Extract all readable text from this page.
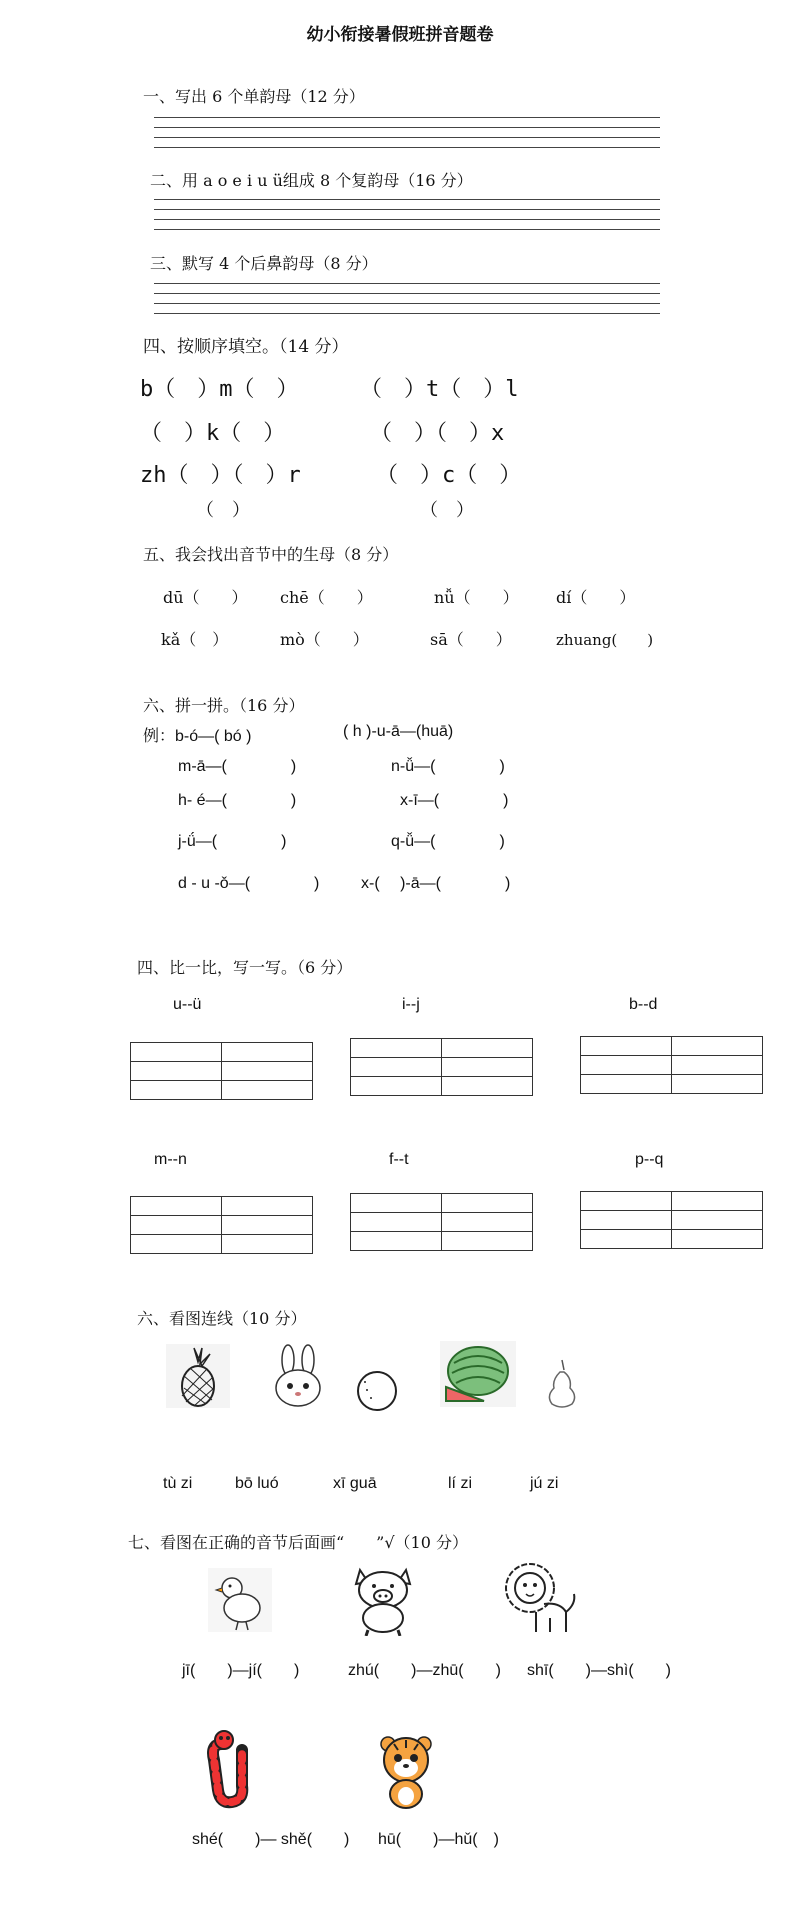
幼小衔接暑假班拼音题卷
一、写出 6 个单韵母（12 分）
二、用 a o e i u ü组成 8 个复韵母（16 分）
三、默写 4 个后鼻韵母（8 分）
四、按顺序填空。（14 分）
b（　）m（　）	（　）t（　）l
（　）k（　）	（　）（　）x
zh（　）（　）r	（　）c（　）
（　）	（　）
五、我会找出音节中的生母（8 分）
dū（　　） chē（　　）	nǚ（　　） dí（　　）
kǎ（　）	mò（　　）	sā（　　）	zhuang(　　)
六、拼一拼。（16 分）
例：b-ó—( bó )	( h )-u-ā—(huā)
m-ā—(　　　　)	n-ǚ—(　　　　)
h- é—(　　　　)	x-ī—(　　　　)
j-ǘ—(　　　　)	q-ǚ—(　　　　)
d - u -ǒ—(　　　　)	x-(　 )-ā—(　　　　)
四、比一比，写一写。（6 分）
u--ü	i--j	b--d

m--n	f--t	p--q

六、看图连线（10 分）
tù zi	bō luó	xī guā	lí zi	jú zi
七、看图在正确的音节后面画“　　”√（10 分）
jī(　　)—jí(　　)	zhú(　　)—zhū(　　) shī(　　)—shì(　　)
shé(　　)— shě(　　) hū(　　)—hǔ(　)
